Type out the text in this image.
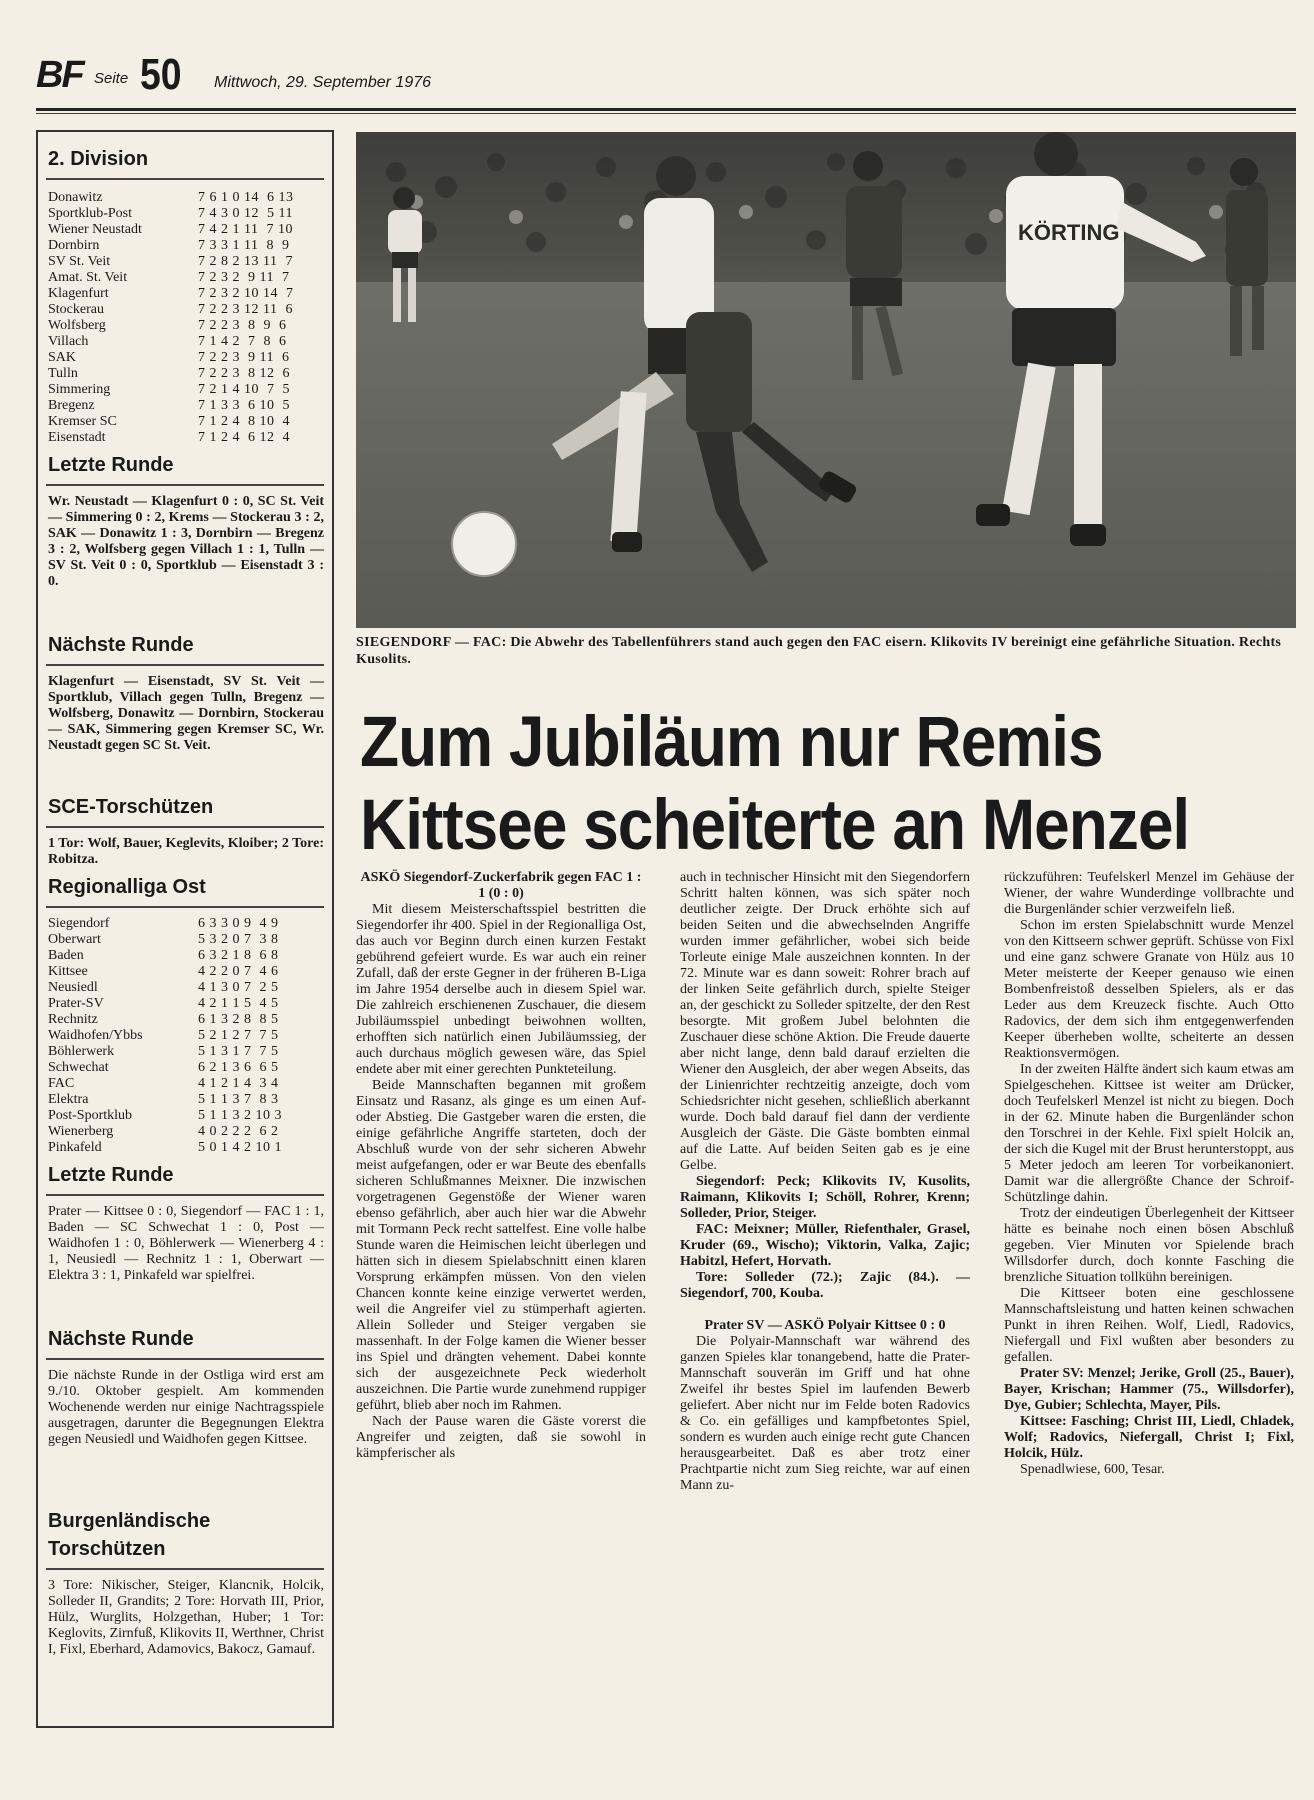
BF Seite 50 Mittwoch, 29. September 1976
2. Division
Donawitz	7 6 1 0 14  6 13
Sportklub-Post	7 4 3 0 12  5 11
Wiener Neustadt	7 4 2 1 11  7 10
Dornbirn	7 3 3 1 11  8  9
SV St. Veit	7 2 8 2 13 11  7
Amat. St. Veit	7 2 3 2  9 11  7
Klagenfurt	7 2 3 2 10 14  7
Stockerau	7 2 2 3 12 11  6
Wolfsberg	7 2 2 3  8  9  6
Villach	7 1 4 2  7  8  6
SAK	7 2 2 3  9 11  6
Tulln	7 2 2 3  8 12  6
Simmering	7 2 1 4 10  7  5
Bregenz	7 1 3 3  6 10  5
Kremser SC	7 1 2 4  8 10  4
Eisenstadt	7 1 2 4  6 12  4
Letzte Runde
Wr. Neustadt — Klagenfurt 0 : 0, SC St. Veit — Simmering 0 : 2, Krems — Stockerau 3 : 2, SAK — Donawitz 1 : 3, Dornbirn — Bregenz 3 : 2, Wolfsberg gegen Villach 1 : 1, Tulln — SV St. Veit 0 : 0, Sportklub — Eisenstadt 3 : 0.
Nächste Runde
Klagenfurt — Eisenstadt, SV St. Veit — Sportklub, Villach gegen Tulln, Bregenz — Wolfsberg, Donawitz — Dornbirn, Stockerau — SAK, Simmering gegen Kremser SC, Wr. Neustadt gegen SC St. Veit.
SCE-Torschützen
1 Tor: Wolf, Bauer, Keglevits, Kloiber; 2 Tore: Robitza.
Regionalliga Ost
Siegendorf	6 3 3 0 9  4 9
Oberwart	5 3 2 0 7  3 8
Baden	6 3 2 1 8  6 8
Kittsee	4 2 2 0 7  4 6
Neusiedl	4 1 3 0 7  2 5
Prater-SV	4 2 1 1 5  4 5
Rechnitz	6 1 3 2 8  8 5
Waidhofen/Ybbs	5 2 1 2 7  7 5
Böhlerwerk	5 1 3 1 7  7 5
Schwechat	6 2 1 3 6  6 5
FAC	4 1 2 1 4  3 4
Elektra	5 1 1 3 7  8 3
Post-Sportklub	5 1 1 3 2 10 3
Wienerberg	4 0 2 2 2  6 2
Pinkafeld	5 0 1 4 2 10 1
Letzte Runde
Prater — Kittsee 0 : 0, Siegendorf — FAC 1 : 1, Baden — SC Schwechat 1 : 0, Post — Waidhofen 1 : 0, Böhlerwerk — Wienerberg 4 : 1, Neusiedl — Rechnitz 1 : 1, Oberwart — Elektra 3 : 1, Pinkafeld war spielfrei.
Nächste Runde
Die nächste Runde in der Ostliga wird erst am 9./10. Oktober gespielt. Am kommenden Wochenende werden nur einige Nachtragsspiele ausgetragen, darunter die Begegnungen Elektra gegen Neusiedl und Waidhofen gegen Kittsee.
Burgenländische
Torschützen
3 Tore: Nikischer, Steiger, Klancnik, Holcik, Solleder II, Grandits; 2 Tore: Horvath III, Prior, Hülz, Wurglits, Holzgethan, Huber; 1 Tor: Keglovits, Zirnfuß, Klikovits II, Werthner, Christ I, Fixl, Eberhard, Adamovics, Bakocz, Gamauf.
KÖRTING
SIEGENDORF — FAC: Die Abwehr des Tabellenführers stand auch gegen den FAC eisern. Klikovits IV bereinigt eine gefährliche Situation. Rechts Kusolits.
Zum Jubiläum nur Remis
Kittsee scheiterte an Menzel

ASKÖ Siegendorf-Zuckerfabrik gegen FAC 1 : 1 (0 : 0)

Mit diesem Meisterschaftsspiel bestritten die Siegendorfer ihr 400. Spiel in der Regionalliga Ost, das auch vor Beginn durch einen kurzen Festakt gebührend gefeiert wurde. Es war auch ein reiner Zufall, daß der erste Gegner in der früheren B-Liga im Jahre 1954 derselbe auch in diesem Spiel war. Die zahlreich erschienenen Zuschauer, die diesem Jubiläumsspiel unbedingt beiwohnen wollten, erhofften sich natürlich einen Jubiläumssieg, der auch durchaus möglich gewesen wäre, das Spiel endete aber mit einer gerechten Punkteteilung.

Beide Mannschaften begannen mit großem Einsatz und Rasanz, als ginge es um einen Auf- oder Abstieg. Die Gastgeber waren die ersten, die einige gefährliche Angriffe starteten, doch der Abschluß wurde von der sehr sicheren Abwehr meist aufgefangen, oder er war Beute des ebenfalls sicheren Schlußmannes Meixner. Die inzwischen vorgetragenen Gegenstöße der Wiener waren ebenso gefährlich, aber auch hier war die Abwehr mit Tormann Peck recht sattelfest. Eine volle halbe Stunde waren die Heimischen leicht überlegen und hätten sich in diesem Spielabschnitt einen klaren Vorsprung erkämpfen müssen. Von den vielen Chancen konnte keine einzige verwertet werden, weil die Angreifer viel zu stümperhaft agierten. Allein Solleder und Steiger vergaben sie massenhaft. In der Folge kamen die Wiener besser ins Spiel und drängten vehement. Dabei konnte sich der ausgezeichnete Peck wiederholt auszeichnen. Die Partie wurde zunehmend ruppiger geführt, blieb aber noch im Rahmen.

Nach der Pause waren die Gäste vorerst die Angreifer und zeigten, daß sie sowohl in kämpferischer als

auch in technischer Hinsicht mit den Siegendorfern Schritt halten können, was sich später noch deutlicher zeigte. Der Druck erhöhte sich auf beiden Seiten und die abwechselnden Angriffe wurden immer gefährlicher, wobei sich beide Torleute einige Male auszeichnen konnten. In der 72. Minute war es dann soweit: Rohrer brach auf der linken Seite gefährlich durch, spielte Steiger an, der geschickt zu Solleder spitzelte, der den Rest besorgte. Mit großem Jubel belohnten die Zuschauer diese schöne Aktion. Die Freude dauerte aber nicht lange, denn bald darauf erzielten die Wiener den Ausgleich, der aber wegen Abseits, das der Linienrichter rechtzeitig anzeigte, doch vom Schiedsrichter nicht gesehen, schließlich aberkannt wurde. Doch bald darauf fiel dann der verdiente Ausgleich der Gäste. Die Gäste bombten einmal auf die Latte. Auf beiden Seiten gab es je eine Gelbe.

Siegendorf: Peck; Klikovits IV, Kusolits, Raimann, Klikovits I; Schöll, Rohrer, Krenn; Solleder, Prior, Steiger.

FAC: Meixner; Müller, Riefenthaler, Grasel, Kruder (69., Wischo); Viktorin, Valka, Zajic; Habitzl, Hefert, Horvath.

Tore: Solleder (72.); Zajic (84.). — Siegendorf, 700, Kouba.

Prater SV — ASKÖ Polyair Kittsee 0 : 0

Die Polyair-Mannschaft war während des ganzen Spieles klar tonangebend, hatte die Prater-Mannschaft souverän im Griff und hat ohne Zweifel ihr bestes Spiel im laufenden Bewerb geliefert. Aber nicht nur im Felde boten Radovics & Co. ein gefälliges und kampfbetontes Spiel, sondern es wurden auch einige recht gute Chancen herausgearbeitet. Daß es aber trotz einer Prachtpartie nicht zum Sieg reichte, war auf einen Mann zu-

rückzuführen: Teufelskerl Menzel im Gehäuse der Wiener, der wahre Wunderdinge vollbrachte und die Burgenländer schier verzweifeln ließ.

Schon im ersten Spielabschnitt wurde Menzel von den Kittseern schwer geprüft. Schüsse von Fixl und eine ganz schwere Granate von Hülz aus 10 Meter meisterte der Keeper genauso wie einen Bombenfreistoß desselben Spielers, als er das Leder aus dem Kreuzeck fischte. Auch Otto Radovics, der dem sich ihm entgegenwerfenden Keeper überheben wollte, scheiterte an dessen Reaktionsvermögen.

In der zweiten Hälfte ändert sich kaum etwas am Spielgeschehen. Kittsee ist weiter am Drücker, doch Teufelskerl Menzel ist nicht zu biegen. Doch in der 62. Minute haben die Burgenländer schon den Torschrei in der Kehle. Fixl spielt Holcik an, der sich die Kugel mit der Brust herunterstoppt, aus 5 Meter jedoch am leeren Tor vorbeikanoniert. Damit war die allergrößte Chance der Schroif-Schützlinge dahin.

Trotz der eindeutigen Überlegenheit der Kittseer hätte es beinahe noch einen bösen Abschluß gegeben. Vier Minuten vor Spielende brach Willsdorfer durch, doch konnte Fasching die brenzliche Situation tollkühn bereinigen.

Die Kittseer boten eine geschlossene Mannschaftsleistung und hatten keinen schwachen Punkt in ihren Reihen. Wolf, Liedl, Radovics, Niefergall und Fixl wußten aber besonders zu gefallen.

Prater SV: Menzel; Jerike, Groll (25., Bauer), Bayer, Krischan; Hammer (75., Willsdorfer), Dye, Gubier; Schlechta, Mayer, Pils.

Kittsee: Fasching; Christ III, Liedl, Chladek, Wolf; Radovics, Niefergall, Christ I; Fixl, Holcik, Hülz.

Spenadlwiese, 600, Tesar.
